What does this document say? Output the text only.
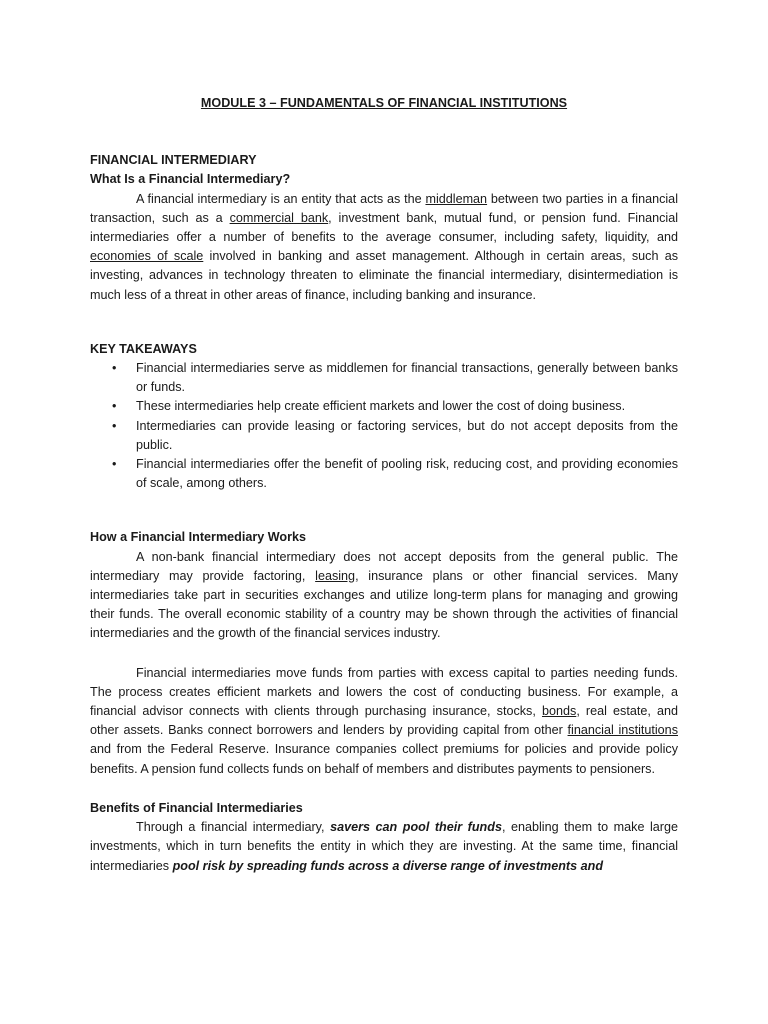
MODULE 3 – FUNDAMENTALS OF FINANCIAL INSTITUTIONS
FINANCIAL INTERMEDIARY
What Is a Financial Intermediary?

A financial intermediary is an entity that acts as the middleman between two parties in a financial transaction, such as a commercial bank, investment bank, mutual fund, or pension fund. Financial intermediaries offer a number of benefits to the average consumer, including safety, liquidity, and economies of scale involved in banking and asset management. Although in certain areas, such as investing, advances in technology threaten to eliminate the financial intermediary, disintermediation is much less of a threat in other areas of finance, including banking and insurance.

KEY TAKEAWAYS
• Financial intermediaries serve as middlemen for financial transactions, generally between banks or funds.
• These intermediaries help create efficient markets and lower the cost of doing business.
• Intermediaries can provide leasing or factoring services, but do not accept deposits from the public.
• Financial intermediaries offer the benefit of pooling risk, reducing cost, and providing economies of scale, among others.
How a Financial Intermediary Works

A non-bank financial intermediary does not accept deposits from the general public. The intermediary may provide factoring, leasing, insurance plans or other financial services. Many intermediaries take part in securities exchanges and utilize long-term plans for managing and growing their funds. The overall economic stability of a country may be shown through the activities of financial intermediaries and the growth of the financial services industry.

Financial intermediaries move funds from parties with excess capital to parties needing funds. The process creates efficient markets and lowers the cost of conducting business. For example, a financial advisor connects with clients through purchasing insurance, stocks, bonds, real estate, and other assets. Banks connect borrowers and lenders by providing capital from other financial institutions and from the Federal Reserve. Insurance companies collect premiums for policies and provide policy benefits. A pension fund collects funds on behalf of members and distributes payments to pensioners.

Benefits of Financial Intermediaries

Through a financial intermediary, savers can pool their funds, enabling them to make large investments, which in turn benefits the entity in which they are investing. At the same time, financial intermediaries pool risk by spreading funds across a diverse range of investments and
